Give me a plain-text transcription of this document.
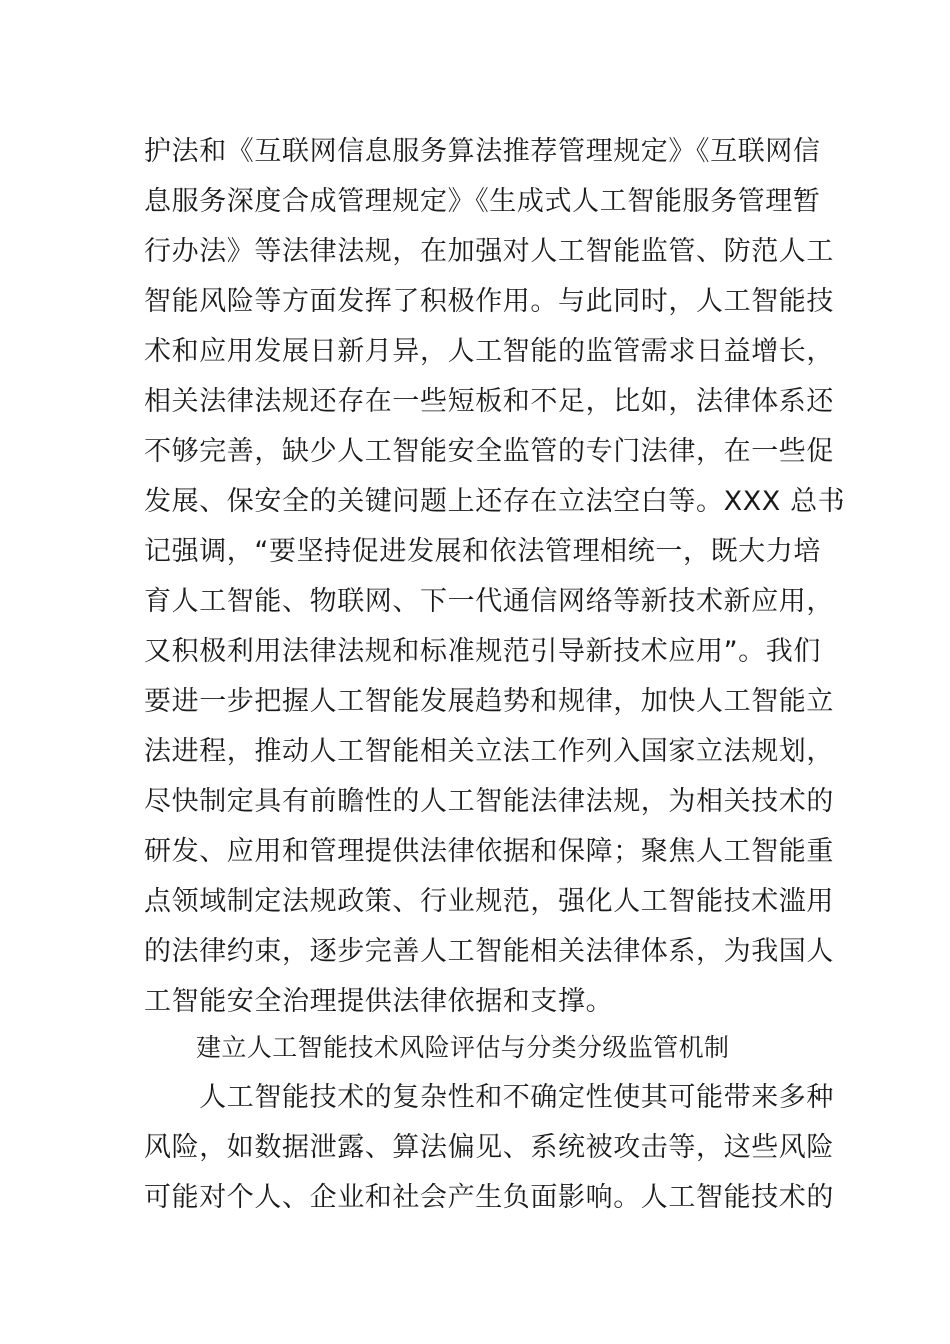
护法和《互联网信息服务算法推荐管理规定》《互联网信
息服务深度合成管理规定》《生成式人工智能服务管理暂
行办法》等法律法规，在加强对人工智能监管、防范人工
智能风险等方面发挥了积极作用。与此同时，人工智能技
术和应用发展日新月异，人工智能的监管需求日益增长，
相关法律法规还存在一些短板和不足，比如，法律体系还
不够完善，缺少人工智能安全监管的专门法律，在一些促
发展、保安全的关键问题上还存在立法空白等。XXX 总书
记强调，“要坚持促进发展和依法管理相统一，既大力培
育人工智能、物联网、下一代通信网络等新技术新应用，
又积极利用法律法规和标准规范引导新技术应用”。我们
要进一步把握人工智能发展趋势和规律，加快人工智能立
法进程，推动人工智能相关立法工作列入国家立法规划，
尽快制定具有前瞻性的人工智能法律法规，为相关技术的
研发、应用和管理提供法律依据和保障；聚焦人工智能重
点领域制定法规政策、行业规范，强化人工智能技术滥用
的法律约束，逐步完善人工智能相关法律体系，为我国人
工智能安全治理提供法律依据和支撑。
建立人工智能技术风险评估与分类分级监管机制
　　人工智能技术的复杂性和不确定性使其可能带来多种
风险，如数据泄露、算法偏见、系统被攻击等，这些风险
可能对个人、企业和社会产生负面影响。人工智能技术的
